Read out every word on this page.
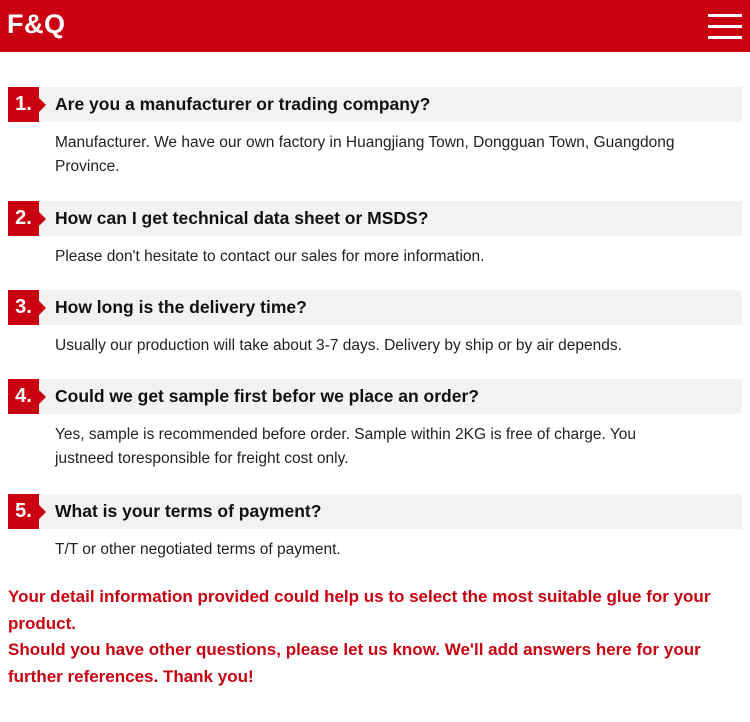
F&Q
1.	Are you a manufacturer or trading company?
Manufacturer. We have our own factory in Huangjiang Town, Dongguan Town, Guangdong Province.
2.	How can I get technical data sheet or MSDS?
Please don't hesitate to contact our sales for more information.
3.	How long is the delivery time?
Usually our production will take about 3-7 days. Delivery by ship or by air depends.
4.	Could we get sample first befor we place an order?
Yes, sample is recommended before order. Sample within 2KG is free of charge. You justneed toresponsible for freight cost only.
5.	What is your terms of payment?
T/T or other negotiated terms of payment.
Your detail information provided could help us to select the most suitable glue for your product.
Should you have other questions, please let us know. We'll add answers here for your further references. Thank you!
